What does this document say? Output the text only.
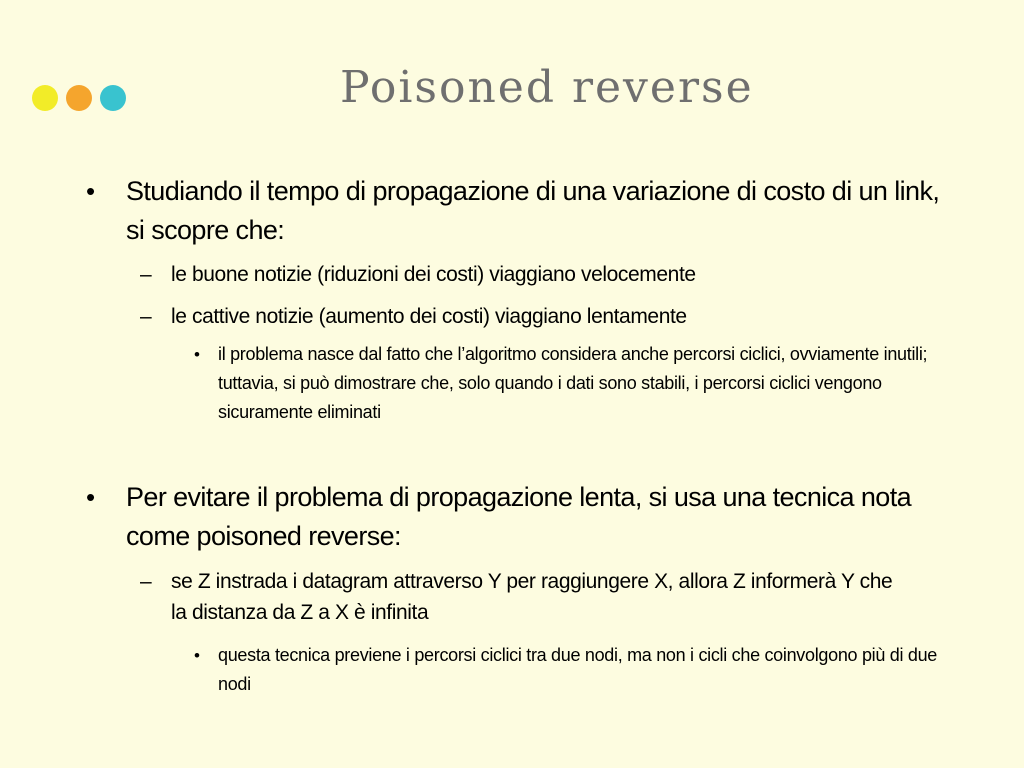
Poisoned reverse
• Studiando il tempo di propagazione di una variazione di costo di un link, si scopre che:
– le buone notizie (riduzioni dei costi) viaggiano velocemente
– le cattive notizie (aumento dei costi) viaggiano lentamente
• il problema nasce dal fatto che l’algoritmo considera anche percorsi ciclici, ovviamente inutili; tuttavia, si può dimostrare che, solo quando i dati sono stabili, i percorsi ciclici vengono sicuramente eliminati
• Per evitare il problema di propagazione lenta, si usa una tecnica nota come poisoned reverse:
– se Z instrada i datagram attraverso Y per raggiungere X, allora Z informerà Y che la distanza da Z a X è infinita
• questa tecnica previene i percorsi ciclici tra due nodi, ma non i cicli che coinvolgono più di due nodi
